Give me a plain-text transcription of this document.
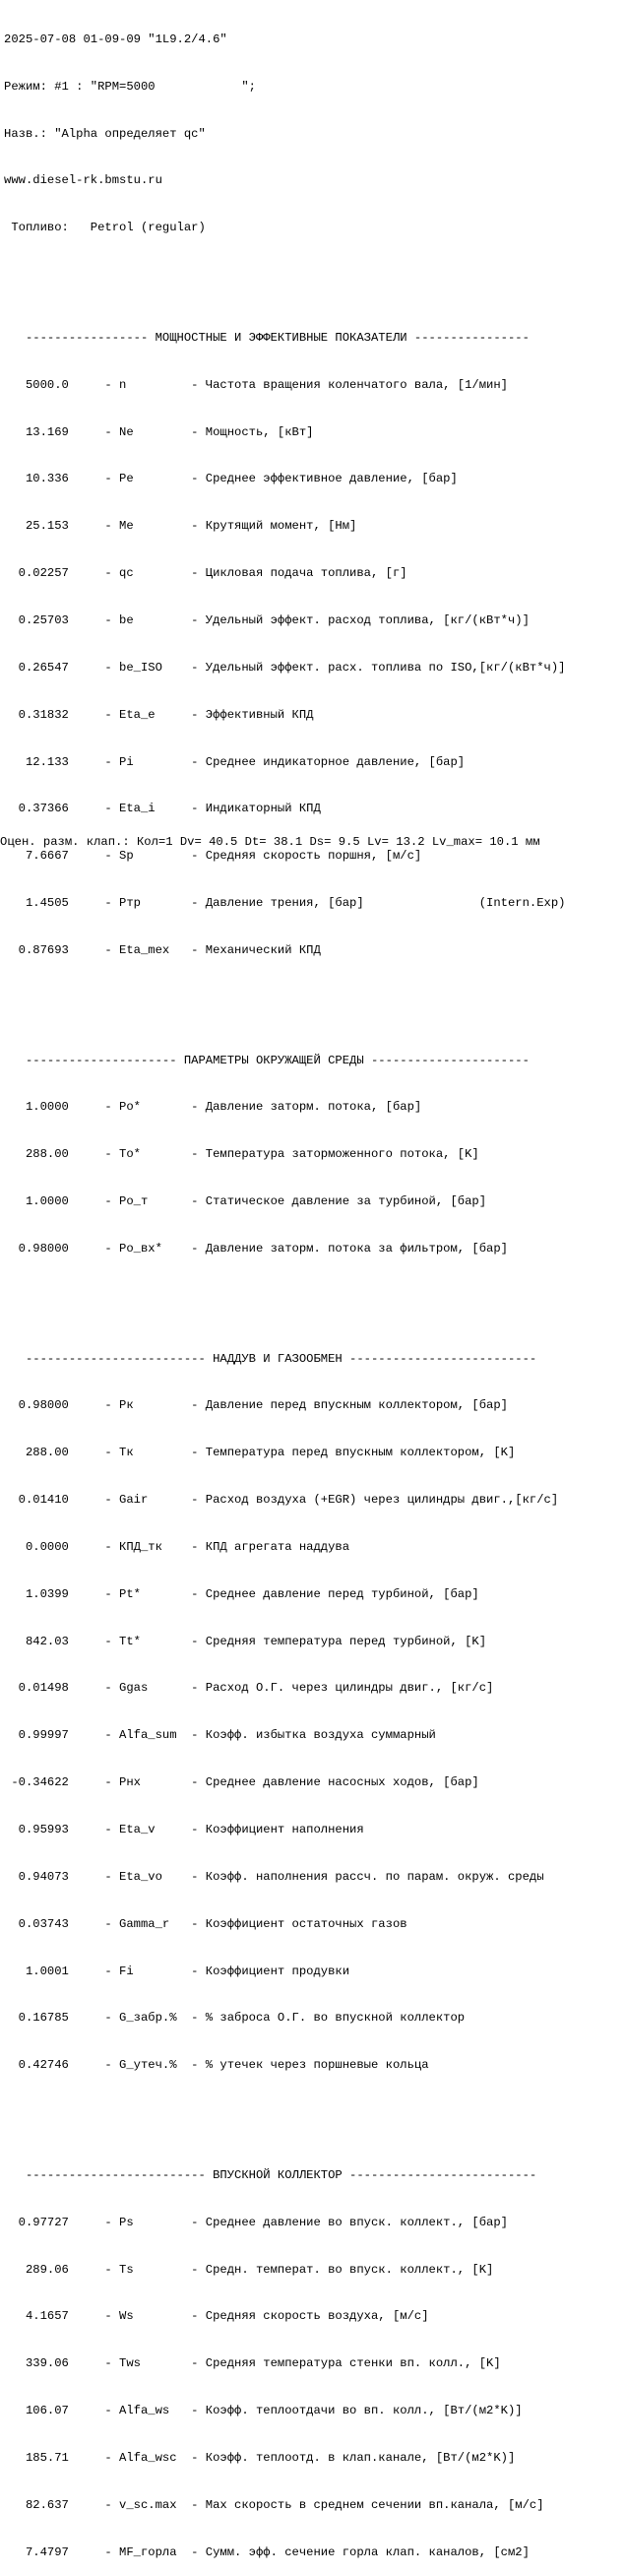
2025-07-08 01-09-09 "1L9.2/4.6"

Режим: #1 : "RPM=5000            ";

Назв.: "Alpha определяет qc"

www.diesel-rk.bmstu.ru

Топливо:   Petrol (regular)

----------------- МОЩНОСТНЫЕ И ЭФФЕКТИВНЫЕ ПОКАЗАТЕЛИ ----------------

5000.0     - n         - Частота вращения коленчатого вала, [1/мин]

13.169     - Ne        - Мощность, [кВт]

10.336     - Pe        - Среднее эффективное давление, [бар]

25.153     - Me        - Крутящий момент, [Нм]

0.02257     - qc        - Цикловая подача топлива, [г]

0.25703     - be        - Удельный эффект. расход топлива, [кг/(кВт*ч)]

0.26547     - be_ISO    - Удельный эффект. расх. топлива по ISO,[кг/(кВт*ч)]

0.31832     - Eta_e     - Эффективный КПД

12.133     - Pi        - Среднее индикаторное давление, [бар]

0.37366     - Eta_i     - Индикаторный КПД

7.6667     - Sp        - Средняя скорость поршня, [м/с]

1.4505     - Pтр       - Давление трения, [бар]                (Intern.Exp)

0.87693     - Eta_mex   - Механический КПД

--------------------- ПАРАМЕТРЫ ОКРУЖАЩЕЙ СРЕДЫ ----------------------

1.0000     - Po*       - Давление заторм. потока, [бар]

288.00     - To*       - Температура заторможенного потока, [K]

1.0000     - Po_т      - Статическое давление за турбиной, [бар]

0.98000     - Po_вх*    - Давление заторм. потока за фильтром, [бар]

------------------------- НАДДУВ И ГАЗООБМЕН --------------------------

0.98000     - Pк        - Давление перед впускным коллектором, [бар]

288.00     - Tк        - Температура перед впускным коллектором, [K]

0.01410     - Gair      - Расход воздуха (+EGR) через цилиндры двиг.,[кг/с]

0.0000     - КПД_тк    - КПД агрегата наддува

1.0399     - Pt*       - Среднее давление перед турбиной, [бар]

842.03     - Tt*       - Средняя температура перед турбиной, [K]

0.01498     - Ggas      - Расход О.Г. через цилиндры двиг., [кг/с]

0.99997     - Alfa_sum  - Коэфф. избытка воздуха суммарный

-0.34622     - Pнх       - Среднее давление насосных ходов, [бар]

0.95993     - Eta_v     - Коэффициент наполнения

0.94073     - Eta_vo    - Коэфф. наполнения рассч. по парам. окруж. среды

0.03743     - Gamma_r   - Коэффициент остаточных газов

1.0001     - Fi        - Коэффициент продувки

0.16785     - G_забр.%  - % заброса О.Г. во впускной коллектор

0.42746     - G_утеч.%  - % утечек через поршневые кольца

------------------------- ВПУСКНОЙ КОЛЛЕКТОР --------------------------

0.97727     - Ps        - Среднее давление во впуск. коллект., [бар]

289.06     - Ts        - Средн. температ. во впуск. коллект., [K]

4.1657     - Ws        - Средняя скорость воздуха, [м/с]

339.06     - Tws       - Средняя температура стенки вп. колл., [K]

106.07     - Alfa_ws   - Коэфф. теплоотдачи во вп. колл., [Вт/(м2*K)]

185.71     - Alfa_wsc  - Коэфф. теплоотд. в клап.канале, [Вт/(м2*K)]

82.637     - v_sc.max  - Max скорость в среднем сечении вп.канала, [м/с]

7.4797     - MF_горла  - Сумм. эфф. сечение горла клап. каналов, [см2]

Оцен. разм. клап.: Кол=1 Dv= 40.5 Dt= 38.1 Ds= 9.5 Lv= 13.2 Lv_max= 10.1 мм
